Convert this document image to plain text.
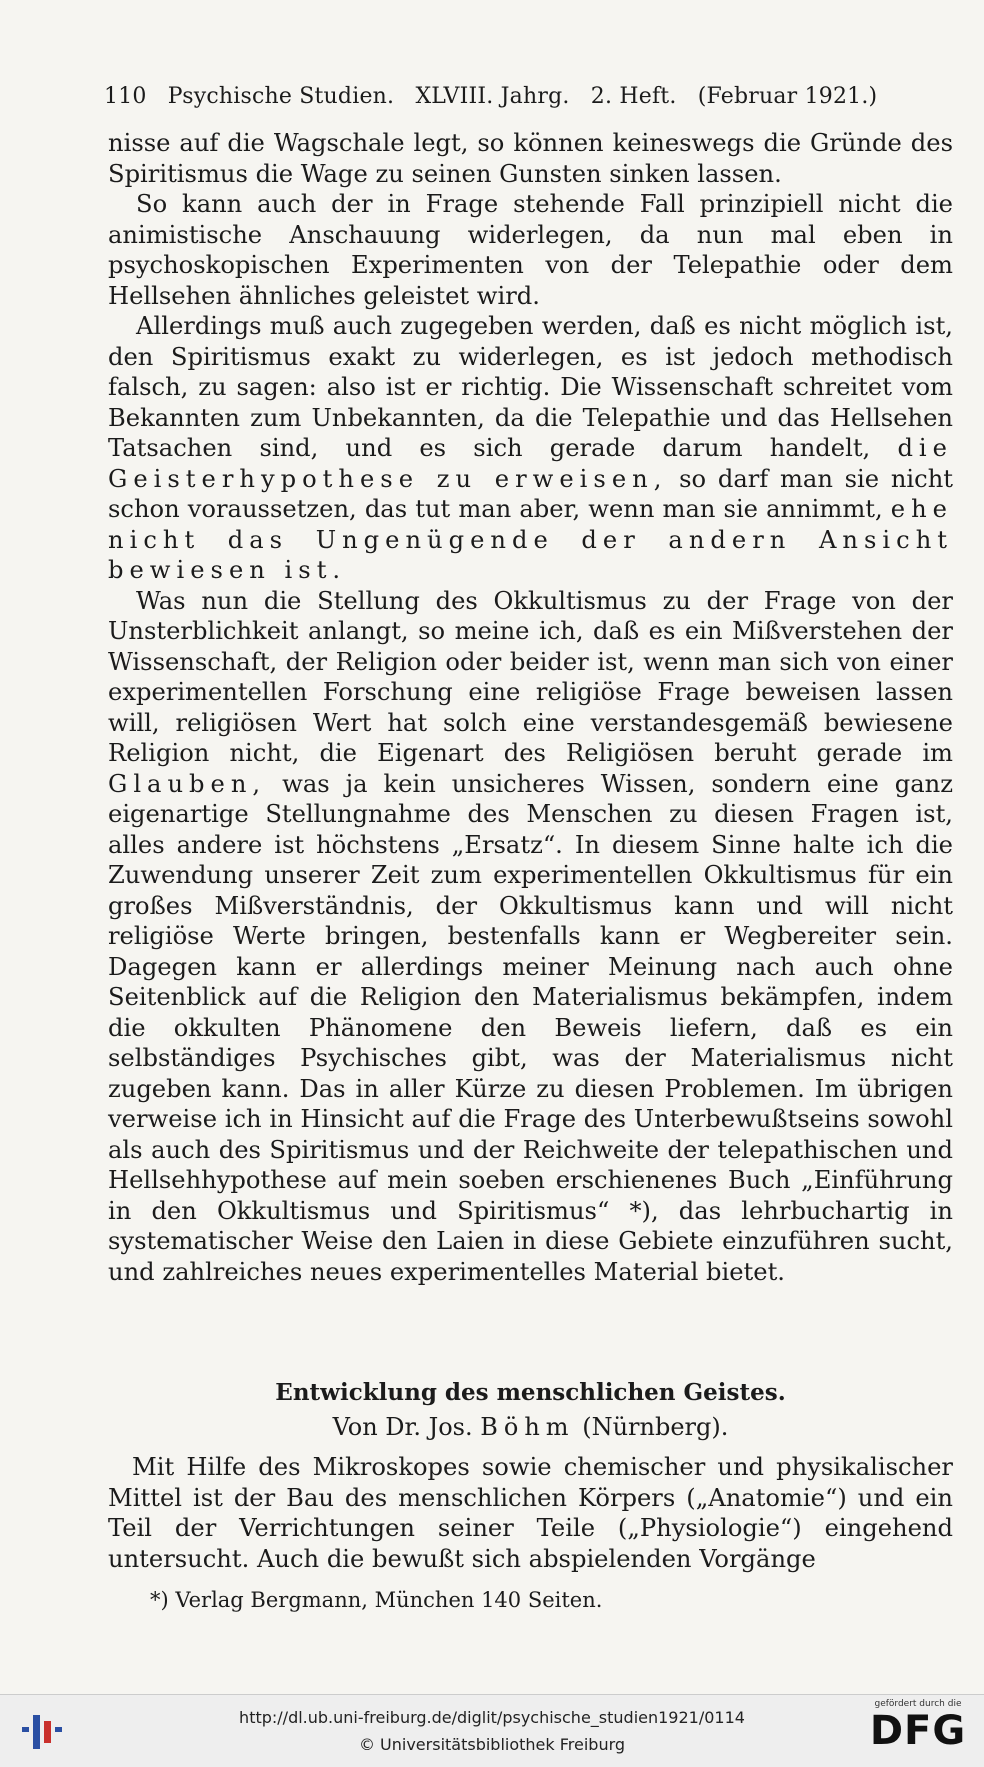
110 Psychische Studien. XLVIII. Jahrg. 2. Heft. (Februar 1921.)

nisse auf die Wagschale legt, so können keineswegs die Gründe des Spiritismus die Wage zu seinen Gunsten sinken lassen.

So kann auch der in Frage stehende Fall prinzipiell nicht die animistische Anschauung widerlegen, da nun mal eben in psychoskopischen Experimenten von der Telepathie oder dem Hellsehen ähnliches geleistet wird.

Allerdings muß auch zugegeben werden, daß es nicht möglich ist, den Spiritismus exakt zu widerlegen, es ist jedoch methodisch falsch, zu sagen: also ist er richtig. Die Wissenschaft schreitet vom Bekannten zum Unbekannten, da die Telepathie und das Hellsehen Tatsachen sind, und es sich gerade darum handelt, die Geisterhypothese zu erweisen, so darf man sie nicht schon voraussetzen, das tut man aber, wenn man sie annimmt, ehe nicht das Ungenügende der andern Ansicht bewiesen ist.

Was nun die Stellung des Okkultismus zu der Frage von der Unsterblichkeit anlangt, so meine ich, daß es ein Mißverstehen der Wissenschaft, der Religion oder beider ist, wenn man sich von einer experimentellen Forschung eine religiöse Frage beweisen lassen will, religiösen Wert hat solch eine verstandesgemäß bewiesene Religion nicht, die Eigenart des Religiösen beruht gerade im Glauben, was ja kein unsicheres Wissen, sondern eine ganz eigenartige Stellungnahme des Menschen zu diesen Fragen ist, alles andere ist höchstens „Ersatz“. In diesem Sinne halte ich die Zuwendung unserer Zeit zum experimentellen Okkultismus für ein großes Mißverständnis, der Okkultismus kann und will nicht religiöse Werte bringen, bestenfalls kann er Wegbereiter sein. Dagegen kann er allerdings meiner Meinung nach auch ohne Seitenblick auf die Religion den Materialismus bekämpfen, indem die okkulten Phänomene den Beweis liefern, daß es ein selbständiges Psychisches gibt, was der Materialismus nicht zugeben kann. Das in aller Kürze zu diesen Problemen. Im übrigen verweise ich in Hinsicht auf die Frage des Unterbewußtseins sowohl als auch des Spiritismus und der Reichweite der telepathischen und Hellsehhypothese auf mein soeben erschienenes Buch „Einführung in den Okkultismus und Spiritismus“ *), das lehrbuchartig in systematischer Weise den Laien in diese Gebiete einzuführen sucht, und zahlreiches neues experimentelles Material bietet.

Entwicklung des menschlichen Geistes.
Von Dr. Jos. Böhm (Nürnberg).

Mit Hilfe des Mikroskopes sowie chemischer und physikalischer Mittel ist der Bau des menschlichen Körpers („Anatomie“) und ein Teil der Verrichtungen seiner Teile („Physiologie“) eingehend untersucht. Auch die bewußt sich abspielenden Vorgänge

*) Verlag Bergmann, München 140 Seiten.
http://dl.ub.uni-freiburg.de/diglit/psychische_studien1921/0114
© Universitätsbibliothek Freiburg
gefördert durch die
DFG
